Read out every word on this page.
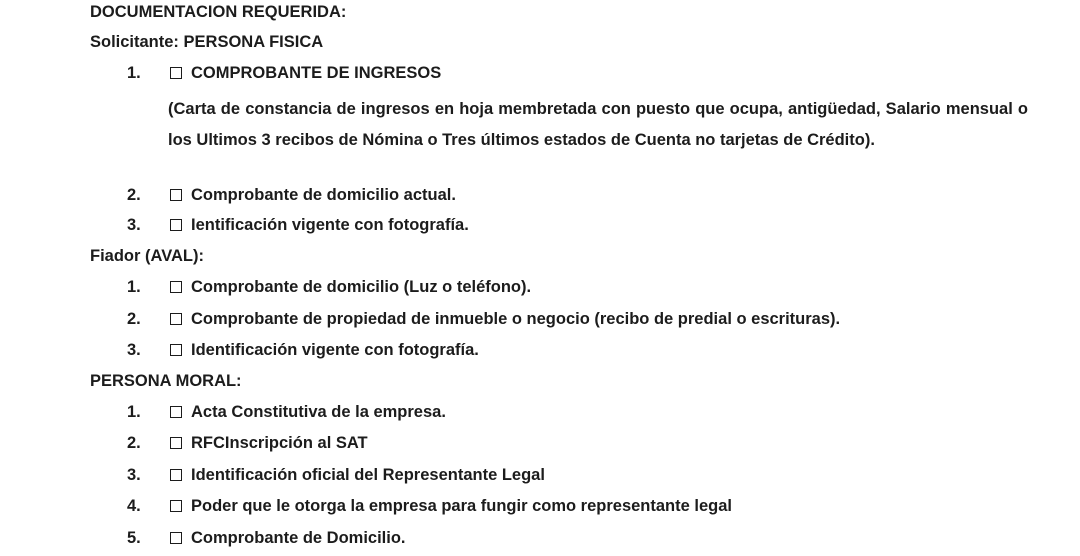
DOCUMENTACION REQUERIDA:
Solicitante: PERSONA FISICA
1.	COMPROBANTE DE INGRESOS
(Carta de constancia de ingresos en hoja membretada con puesto que ocupa, antigüedad, Salario mensual o los Ultimos 3 recibos de Nómina o Tres últimos estados de Cuenta no tarjetas de Crédito).
2.	Comprobante de domicilio actual.
3.	Ientificación vigente con fotografía.
Fiador (AVAL):
1.	Comprobante de domicilio (Luz o teléfono).
2.	Comprobante de propiedad de inmueble o negocio (recibo de predial o escrituras).
3.	Identificación vigente con fotografía.
PERSONA MORAL:
1.	Acta Constitutiva de la empresa.
2.	RFCInscripción al SAT
3.	Identificación oficial del Representante Legal
4.	Poder que le otorga la empresa para fungir como representante legal
5.	Comprobante de Domicilio.
